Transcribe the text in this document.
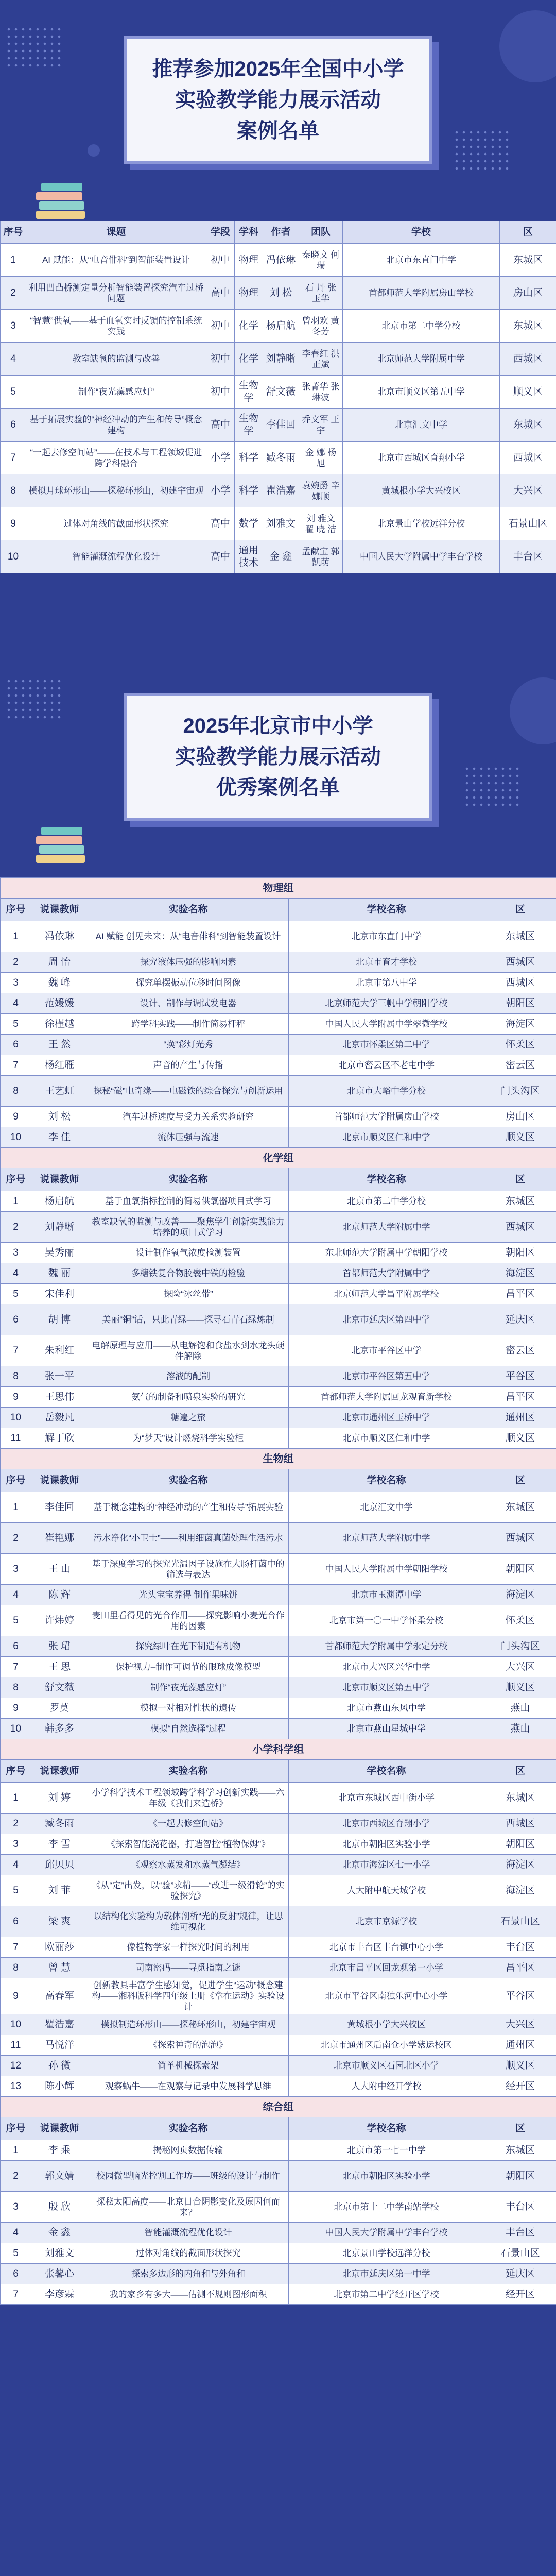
推荐参加2025年全国中小学
实验教学能力展示活动
案例名单
序号	课题	学段	学科	作者	团队	学校	区
1	AI 赋能：从“电音俳科”到智能装置设计	初中	物理	冯依琳	秦晓文 何 瑞	北京市东直门中学	东城区
2	利用凹凸桥测定量分析智能装置探究汽车过桥问题	高中	物理	刘 松	石 丹 张玉华	首都师范大学附属房山学校	房山区
3	“智慧”供氧——基于血氧实时反馈的控制系统实践	初中	化学	杨启航	曾羽欢 黄冬芳	北京市第二中学分校	东城区
4	教室缺氧的监测与改善	初中	化学	刘静晰	李春红 洪正斌	北京师范大学附属中学	西城区
5	制作“夜光藻感应灯”	初中	生物学	舒文薇	张菁华 张琳波	北京市顺义区第五中学	顺义区
6	基于拓展实验的“神经冲动的产生和传导”概念建构	高中	生物学	李佳回	乔文军 王 宇	北京汇文中学	东城区
7	“一起去修空间站”——在技术与工程领域促进跨学科融合	小学	科学	臧冬雨	金 娜 杨 旭	北京市西城区育翔小学	西城区
8	模拟月球环形山——探秘环形山，初建宇宙观	小学	科学	瞿浩嘉	袁婉爵 辛娜顺	黄城根小学大兴校区	大兴区
9	过体对角线的截面形状探究	高中	数学	刘雅文	刘 雅文 翟 晓 洁	北京景山学校远洋分校	石景山区
10	智能灌溉流程优化设计	高中	通用技术	金 鑫	孟献宝 郭凯萌	中国人民大学附属中学丰台学校	丰台区
2025年北京市中小学
实验教学能力展示活动
优秀案例名单
物理组				
序号	说课教师	实验名称	学校名称	区
1	冯依琳	AI 赋能 创见未来：从“电音俳科”到智能装置设计	北京市东直门中学	东城区
2	周 怡	探究液体压强的影响因素	北京市育才学校	西城区
3	魏 峰	探究单摆振动位移时间图像	北京市第八中学	西城区
4	范媛媛	设计、制作与调试发电器	北京师范大学三帆中学朝阳学校	朝阳区
5	徐槿越	跨学科实践——制作简易杆秤	中国人民大学附属中学翠微学校	海淀区
6	王 然	“换”彩灯光秀	北京市怀柔区第二中学	怀柔区
7	杨红雁	声音的产生与传播	北京市密云区不老屯中学	密云区
8	王艺虹	探秘“磁”电奇缘——电磁铁的综合探究与创新运用	北京市大峪中学分校	门头沟区
9	刘 松	汽车过桥速度与受力关系实验研究	首都师范大学附属房山学校	房山区
10	李 佳	流体压强与流速	北京市顺义区仁和中学	顺义区
化学组				
序号	说课教师	实验名称	学校名称	区
1	杨启航	基于血氧指标控制的简易供氧器项目式学习	北京市第二中学分校	东城区
2	刘静晰	教室缺氧的监测与改善——聚焦学生创新实践能力培养的项目式学习	北京师范大学附属中学	西城区
3	吴秀丽	设计制作氧气浓度检测装置	东北师范大学附属中学朝阳学校	朝阳区
4	魏 丽	多糖铁复合物胶囊中铁的检验	首都师范大学附属中学	海淀区
5	宋佳利	探险“冰丝带”	北京师范大学昌平附属学校	昌平区
6	胡 博	美丽“铜”话，只此青绿——探寻石青石绿炼制	北京市延庆区第四中学	延庆区
7	朱利红	电解原理与应用——从电解饱和食盐水到水龙头硬件解除	北京市平谷区中学	密云区
8	张一平	溶液的配制	北京市平谷区第五中学	平谷区
9	王思伟	氨气的制备和喷泉实验的研究	首都师范大学附属回龙观育新学校	昌平区
10	岳毅凡	糖遍之旅	北京市通州区玉桥中学	通州区
11	解丁欣	为“梦天”设计燃烧科学实验柜	北京市顺义区仁和中学	顺义区
生物组				
序号	说课教师	实验名称	学校名称	区
1	李佳回	基于概念建构的“神经冲动的产生和传导”拓展实验	北京汇文中学	东城区
2	崔艳娜	污水净化“小卫士”——利用细菌真菌处理生活污水	北京师范大学附属中学	西城区
3	王 山	基于深度学习的探究光温因子设施在大肠杆菌中的筛选与表达	中国人民大学附属中学朝阳学校	朝阳区
4	陈 辉	光头宝宝养得 制作果味饼	北京市玉渊潭中学	海淀区
5	许炜婷	麦田里看得见的光合作用——探究影响小麦光合作用的因素	北京市第一〇一中学怀柔分校	怀柔区
6	张 珺	探究绿叶在光下制造有机物	首都师范大学附属中学永定分校	门头沟区
7	王 思	保护视力–制作可调节的眼球成像模型	北京市大兴区兴华中学	大兴区
8	舒文薇	制作“夜光藻感应灯”	北京市顺义区第五中学	顺义区
9	罗莫	模拟一对相对性状的遗传	北京市燕山东风中学	燕山
10	韩多多	模拟“自然选择”过程	北京市燕山星城中学	燕山
小学科学组				
序号	说课教师	实验名称	学校名称	区
1	刘 婷	小学科学技术工程领域跨学科学习创新实践——六年级《我们来造桥》	北京市东城区西中街小学	东城区
2	臧冬雨	《一起去修空间站》	北京市西城区育翔小学	西城区
3	李 雪	《探索智能浇花器，打造智控“植物保姆”》	北京市朝阳区实验小学	朝阳区
4	邱贝贝	《观察水蒸发和水蒸气凝结》	北京市海淀区七一小学	海淀区
5	刘 菲	《从“定”出发，以“验”求精——“改进一级滑轮”的实验探究》	人大附中航天城学校	海淀区
6	梁 爽	以结构化实验构为载体剖析“光的反射”规律，让思维可视化	北京市京源学校	石景山区
7	欧丽莎	像植物学家一样探究时间的利用	北京市丰台区丰台镇中心小学	丰台区
8	曾 慧	司南密码——寻觅指南之谜	北京市昌平区回龙观第一小学	昌平区
9	高春军	创新教具丰富学生感知觉，促进学生“运动”概念建构——湘科版科学四年级上册《拿在运动》实验设计	北京市平谷区南独乐河中心小学	平谷区
10	瞿浩嘉	模拟制造环形山——探秘环形山，初建宇宙观	黄城根小学大兴校区	大兴区
11	马悦洋	《探索神奇的泡泡》	北京市通州区后南仓小学紫运校区	通州区
12	孙 微	简单机械探索架	北京市顺义区石园北区小学	顺义区
13	陈小辉	观察蜗牛——在观察与记录中发展科学思维	人大附中经开学校	经开区
综合组				
序号	说课教师	实验名称	学校名称	区
1	李 乘	揭秘网页数据传输	北京市第一七一中学	东城区
2	郭文婧	校园微型脑光控割工作坊——班级的设计与制作	北京市朝阳区实验小学	朝阳区
3	殷 欣	探秘太阳高度——北京日合阴影变化及原因何而来？	北京市第十二中学南站学校	丰台区
4	金 鑫	智能灌溉流程优化设计	中国人民大学附属中学丰台学校	丰台区
5	刘雅文	过体对角线的截面形状探究	北京景山学校远洋分校	石景山区
6	张馨心	探索多边形的内角和与外角和	北京市延庆区第一中学	延庆区
7	李彦霖	我的家乡有多大——估测不规则图形面积	北京市第二中学经开区学校	经开区
